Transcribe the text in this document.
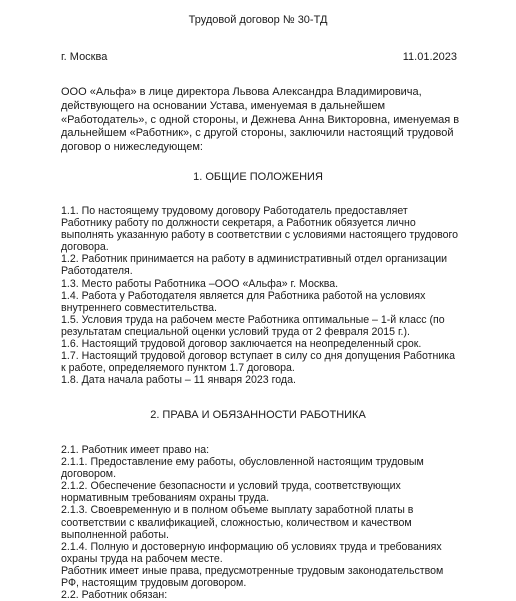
Трудовой договор № 30-ТД
г. Москва	11.01.2023
ООО «Альфа» в лице директора Львова Александра Владимировича, действующего на основании Устава, именуемая в дальнейшем «Работодатель», с одной стороны, и Дежнева Анна Викторовна, именуемая в дальнейшем «Работник», с другой стороны, заключили настоящий трудовой договор о нижеследующем:
1. ОБЩИЕ ПОЛОЖЕНИЯ

1.1. По настоящему трудовому договору Работодатель предоставляет Работнику работу по должности секретаря, а Работник обязуется лично выполнять указанную работу в соответствии с условиями настоящего трудового договора.

1.2. Работник принимается на работу в административный отдел организации Работодателя.

1.3. Место работы Работника –ООО «Альфа» г. Москва.

1.4. Работа у Работодателя является для Работника работой на условиях внутреннего совместительства.

1.5. Условия труда на рабочем месте Работника оптимальные – 1-й класс (по результатам специальной оценки условий труда от 2 февраля 2015 г.).

1.6. Настоящий трудовой договор заключается на неопределенный срок.

1.7. Настоящий трудовой договор вступает в силу со дня допущения Работника к работе, определяемого пунктом 1.7 договора.

1.8. Дата начала работы – 11 января 2023 года.

2. ПРАВА И ОБЯЗАННОСТИ РАБОТНИКА

2.1. Работник имеет право на:

2.1.1. Предоставление ему работы, обусловленной настоящим трудовым договором.

2.1.2. Обеспечение безопасности и условий труда, соответствующих нормативным требованиям охраны труда.

2.1.3. Своевременную и в полном объеме выплату заработной платы в соответствии с квалификацией, сложностью, количеством и качеством выполненной работы.

2.1.4. Полную и достоверную информацию об условиях труда и требованиях охраны труда на рабочем месте.

Работник имеет иные права, предусмотренные трудовым законодательством РФ, настоящим трудовым договором.

2.2. Работник обязан:
